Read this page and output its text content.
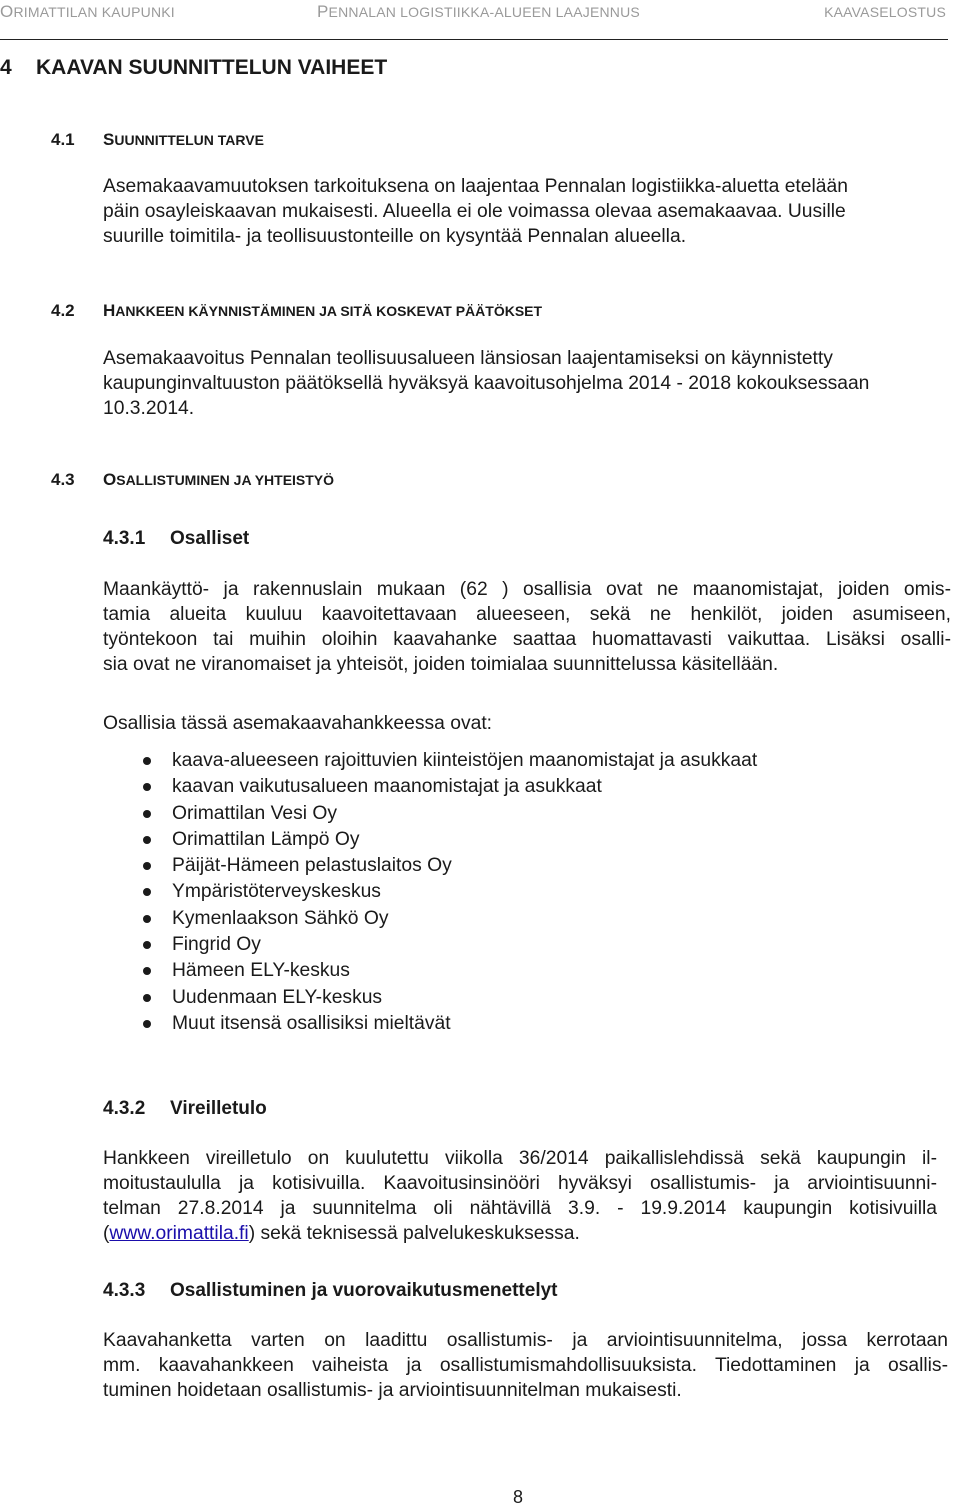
ORIMATTILAN KAUPUNKI	PENNALAN LOGISTIIKKA-ALUEEN LAAJENNUS	KAAVASELOSTUS
4 KAAVAN SUUNNITTELUN VAIHEET
4.1 SUUNNITTELUN TARVE
Asemakaavamuutoksen tarkoituksena on laajentaa Pennalan logistiikka-aluetta etelään
päin osayleiskaavan mukaisesti. Alueella ei ole voimassa olevaa asemakaavaa. Uusille
suurille toimitila- ja teollisuustonteille on kysyntää Pennalan alueella.
4.2 HANKKEEN KÄYNNISTÄMINEN JA SITÄ KOSKEVAT PÄÄTÖKSET
Asemakaavoitus Pennalan teollisuusalueen länsiosan laajentamiseksi on käynnistetty
kaupunginvaltuuston päätöksellä hyväksyä kaavoitusohjelma 2014 - 2018 kokouksessaan
10.3.2014.
4.3 OSALLISTUMINEN JA YHTEISTYÖ
4.3.1 Osalliset
Maankäyttö- ja rakennuslain mukaan (62 ) osallisia ovat ne maanomistajat, joiden omis-
tamia alueita kuuluu kaavoitettavaan alueeseen, sekä ne henkilöt, joiden asumiseen,
työntekoon tai muihin oloihin kaavahanke saattaa huomattavasti vaikuttaa. Lisäksi osalli-
sia ovat ne viranomaiset ja yhteisöt, joiden toimialaa suunnittelussa käsitellään.
Osallisia tässä asemakaavahankkeessa ovat:
kaava-alueeseen rajoittuvien kiinteistöjen maanomistajat ja asukkaat
kaavan vaikutusalueen maanomistajat ja asukkaat
Orimattilan Vesi Oy
Orimattilan Lämpö Oy
Päijät-Hämeen pelastuslaitos Oy
Ympäristöterveyskeskus
Kymenlaakson Sähkö Oy
Fingrid Oy
Hämeen ELY-keskus
Uudenmaan ELY-keskus
Muut itsensä osallisiksi mieltävät
4.3.2 Vireilletulo
Hankkeen vireilletulo on kuulutettu viikolla 36/2014 paikallislehdissä sekä kaupungin il-
moitustaululla ja kotisivuilla. Kaavoitusinsinööri hyväksyi osallistumis- ja arviointisuunni-
telman 27.8.2014 ja suunnitelma oli nähtävillä 3.9. - 19.9.2014 kaupungin kotisivuilla
(www.orimattila.fi) sekä teknisessä palvelukeskuksessa.
4.3.3 Osallistuminen ja vuorovaikutusmenettelyt
Kaavahanketta varten on laadittu osallistumis- ja arviointisuunnitelma, jossa kerrotaan
mm. kaavahankkeen vaiheista ja osallistumismahdollisuuksista. Tiedottaminen ja osallis-
tuminen hoidetaan osallistumis- ja arviointisuunnitelman mukaisesti.
8
